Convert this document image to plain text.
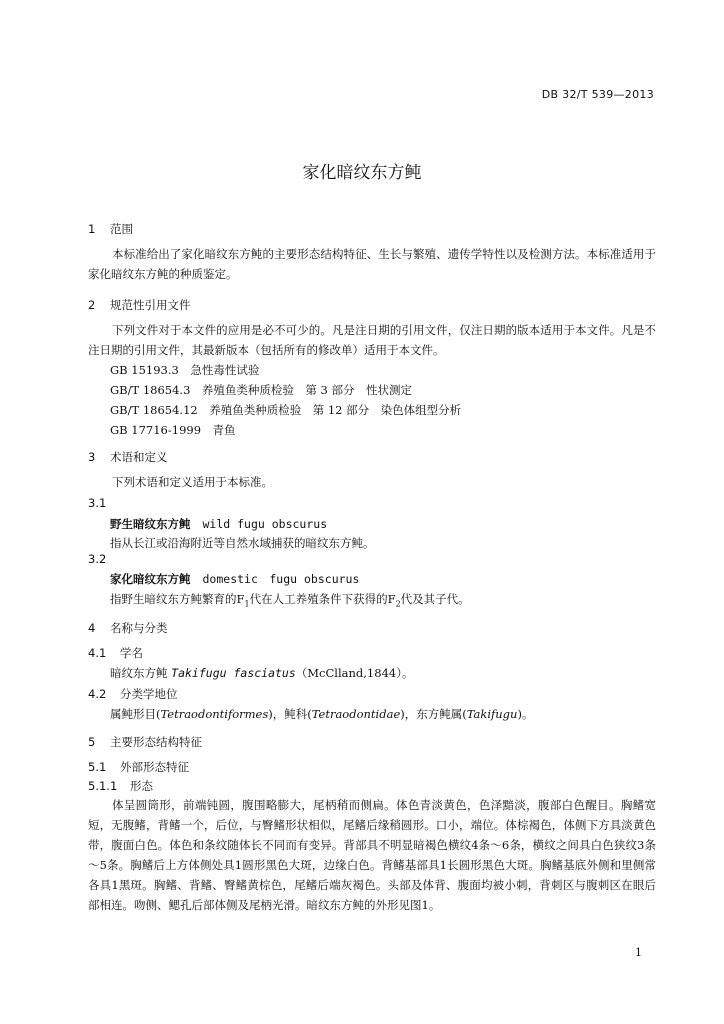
DB 32/T 539—2013
家化暗纹东方鲀
1 范围
本标准给出了家化暗纹东方鲀的主要形态结构特征、生长与繁殖、遗传学特性以及检测方法。本标准适用于家化暗纹东方鲀的种质鉴定。
2 规范性引用文件
下列文件对于本文件的应用是必不可少的。凡是注日期的引用文件，仅注日期的版本适用于本文件。凡是不注日期的引用文件，其最新版本（包括所有的修改单）适用于本文件。
GB 15193.3　急性毒性试验
GB/T 18654.3　养殖鱼类种质检验　第 3 部分　性状测定
GB/T 18654.12　养殖鱼类种质检验　第 12 部分　染色体组型分析
GB 17716-1999　青鱼
3 术语和定义
下列术语和定义适用于本标准。
3.1
野生暗纹东方鲀 wild fugu obscurus
指从长江或沿海附近等自然水域捕获的暗纹东方鲀。
3.2
家化暗纹东方鲀 domestic　fugu obscurus
指野生暗纹东方鲀繁育的$F_1$代在人工养殖条件下获得的$F_2$代及其子代。
4 名称与分类
4.1 学名
暗纹东方鲀 Takifugu fasciatus（McClland,1844）。
4.2 分类学地位
属鲀形目(Tetraodontiformes)，鲀科(Tetraodontidae)，东方鲀属(Takifugu)。
5 主要形态结构特征
5.1 外部形态特征
5.1.1 形态
体呈圆筒形，前端钝圆，腹围略膨大，尾柄稍而侧扁。体色青淡黄色，色泽黯淡，腹部白色醒目。胸鳍宽短，无腹鳍，背鳍一个，后位，与臀鳍形状相似，尾鳍后缘稍圆形。口小，端位。体棕褐色，体侧下方具淡黄色带，腹面白色。体色和条纹随体长不同而有变异。背部具不明显暗褐色横纹4条～6条，横纹之间具白色狭纹3条～5条。胸鳍后上方体侧处具1圆形黑色大斑，边缘白色。背鳍基部具1长圆形黑色大斑。胸鳍基底外侧和里侧常各具1黑斑。胸鳍、背鳍、臀鳍黄棕色，尾鳍后端灰褐色。头部及体背、腹面均被小刺，背刺区与腹刺区在眼后部相连。吻侧、鳃孔后部体侧及尾柄光滑。暗纹东方鲀的外形见图1。
1
